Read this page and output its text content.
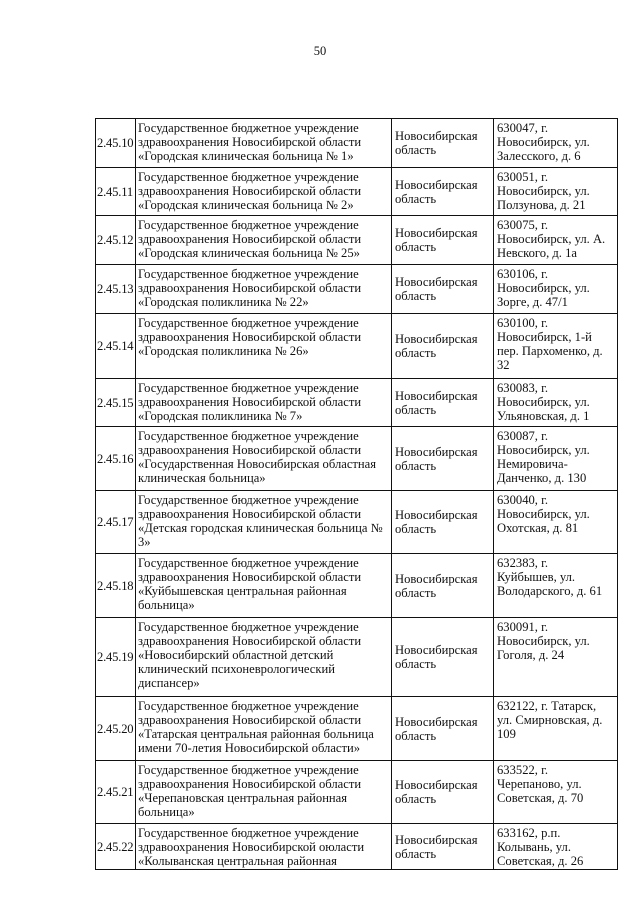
50
2.45.10	Государственное бюджетное учреждение
здравоохранения Новосибирской области
«Городская клиническая больница № 1»	Новосибирская
область	630047, г.
Новосибирск, ул.
Залесского, д. 6
2.45.11	Государственное бюджетное учреждение
здравоохранения Новосибирской области
«Городская клиническая больница № 2»	Новосибирская
область	630051, г.
Новосибирск, ул.
Ползунова, д. 21
2.45.12	Государственное бюджетное учреждение
здравоохранения Новосибирской области
«Городская клиническая больница № 25»	Новосибирская
область	630075, г.
Новосибирск, ул. А.
Невского, д. 1а
2.45.13	Государственное бюджетное учреждение
здравоохранения Новосибирской области
«Городская поликлиника № 22»	Новосибирская
область	630106, г.
Новосибирск, ул.
Зорге, д. 47/1
2.45.14	Государственное бюджетное учреждение
здравоохранения Новосибирской области
«Городская поликлиника № 26»	Новосибирская
область	630100, г.
Новосибирск, 1-й
пер. Пархоменко, д.
32
2.45.15	Государственное бюджетное учреждение
здравоохранения Новосибирской области
«Городская поликлиника № 7»	Новосибирская
область	630083, г.
Новосибирск, ул.
Ульяновская, д. 1
2.45.16	Государственное бюджетное учреждение
здравоохранения Новосибирской области
«Государственная Новосибирская областная
клиническая больница»	Новосибирская
область	630087, г.
Новосибирск, ул.
Немировича-
Данченко, д. 130
2.45.17	Государственное бюджетное учреждение
здравоохранения Новосибирской области
«Детская городская клиническая больница №
3»	Новосибирская
область	630040, г.
Новосибирск, ул.
Охотская, д. 81
2.45.18	Государственное бюджетное учреждение
здравоохранения Новосибирской области
«Куйбышевская центральная районная
больница»	Новосибирская
область	632383, г.
Куйбышев, ул.
Володарского, д. 61
2.45.19	Государственное бюджетное учреждение
здравоохранения Новосибирской области
«Новосибирский областной детский
клинический психоневрологический
диспансер»	Новосибирская
область	630091, г.
Новосибирск, ул.
Гоголя, д. 24
2.45.20	Государственное бюджетное учреждение
здравоохранения Новосибирской области
«Татарская центральная районная больница
имени 70-летия Новосибирской области»	Новосибирская
область	632122, г. Татарск,
ул. Смирновская, д.
109
2.45.21	Государственное бюджетное учреждение
здравоохранения Новосибирской области
«Черепановская центральная районная
больница»	Новосибирская
область	633522, г.
Черепаново, ул.
Советская, д. 70
2.45.22	Государственное бюджетное учреждение
здравоохранения Новосибирской оюласти
«Колыванская центральная районная	Новосибирская
область	633162, р.п.
Колывань, ул.
Советская, д. 26
